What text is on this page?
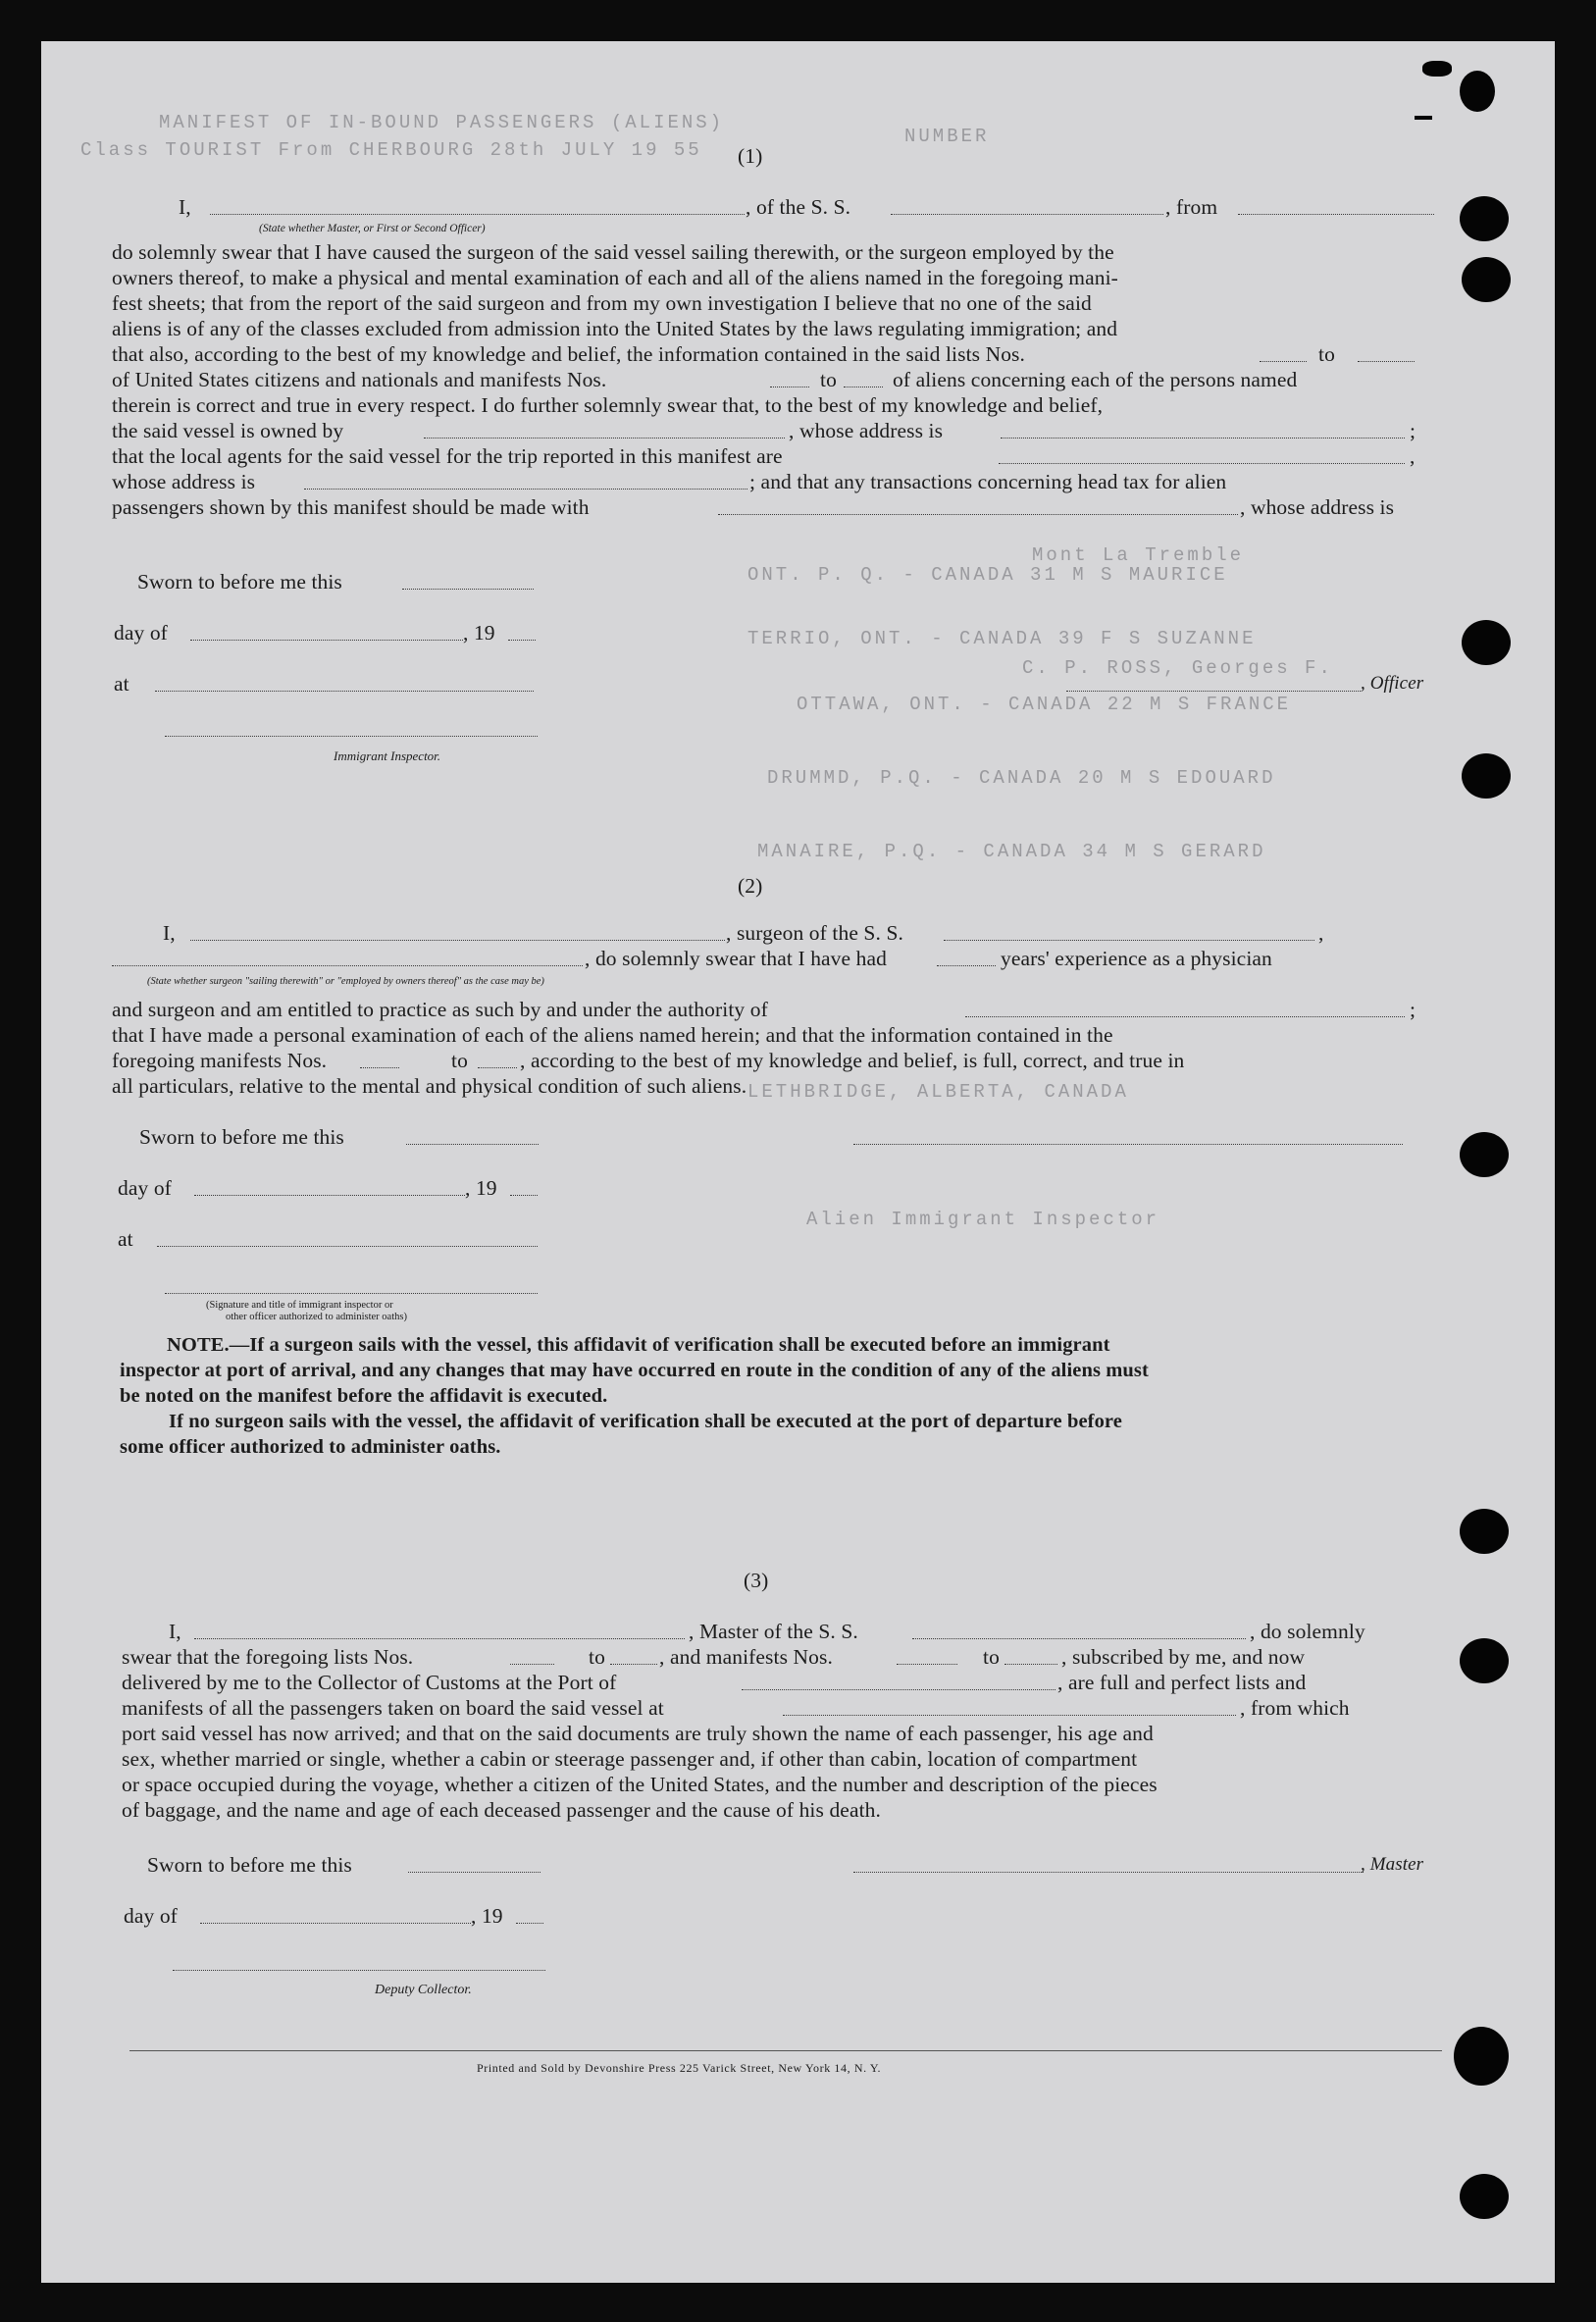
MANIFEST OF IN-BOUND PASSENGERS (ALIENS)
Class TOURIST From CHERBOURG 28th JULY 19 55
NUMBER
Mont La Tremble
ONT. P. Q. - CANADA 31 M S MAURICE
TERRIO, ONT. - CANADA 39 F S SUZANNE
C. P. ROSS, Georges F.
OTTAWA, ONT. - CANADA 22 M S FRANCE
DRUMMD, P.Q. - CANADA 20 M S EDOUARD
MANAIRE, P.Q. - CANADA 34 M S GERARD
LETHBRIDGE, ALBERTA, CANADA
Alien Immigrant Inspector
(1)
I,	, of the S. S.	, from
(State whether Master, or First or Second Officer)
do solemnly swear that I have caused the surgeon of the said vessel sailing therewith, or the surgeon employed by the
owners thereof, to make a physical and mental examination of each and all of the aliens named in the foregoing mani-
fest sheets; that from the report of the said surgeon and from my own investigation I believe that no one of the said
aliens is of any of the classes excluded from admission into the United States by the laws regulating immigration; and
that also, according to the best of my knowledge and belief, the information contained in the said lists Nos.	to
of United States citizens and nationals and manifests Nos.	to	of aliens concerning each of the persons named
therein is correct and true in every respect. I do further solemnly swear that, to the best of my knowledge and belief,
the said vessel is owned by	, whose address is	;
that the local agents for the said vessel for the trip reported in this manifest are	,
whose address is	; and that any transactions concerning head tax for alien
passengers shown by this manifest should be made with	, whose address is
Sworn to before me this
day of	, 19
at	, Officer
Immigrant Inspector.
(2)
I,	, surgeon of the S. S.	,
, do solemnly swear that I have had	years' experience as a physician
(State whether surgeon "sailing therewith" or "employed by owners thereof" as the case may be)
and surgeon and am entitled to practice as such by and under the authority of	;
that I have made a personal examination of each of the aliens named herein; and that the information contained in the
foregoing manifests Nos.	to , according to the best of my knowledge and belief, is full, correct, and true in
all particulars, relative to the mental and physical condition of such aliens.
Sworn to before me this
day of	, 19
at
(Signature and title of immigrant inspector or
other officer authorized to administer oaths)
NOTE.—If a surgeon sails with the vessel, this affidavit of verification shall be executed before an immigrant
inspector at port of arrival, and any changes that may have occurred en route in the condition of any of the aliens must
be noted on the manifest before the affidavit is executed.
If no surgeon sails with the vessel, the affidavit of verification shall be executed at the port of departure before
some officer authorized to administer oaths.
(3)
I,	, Master of the S. S.	, do solemnly
swear that the foregoing lists Nos.	to	, and manifests Nos.	to	, subscribed by me, and now
delivered by me to the Collector of Customs at the Port of	, are full and perfect lists and
manifests of all the passengers taken on board the said vessel at	, from which
port said vessel has now arrived; and that on the said documents are truly shown the name of each passenger, his age and
sex, whether married or single, whether a cabin or steerage passenger and, if other than cabin, location of compartment
or space occupied during the voyage, whether a citizen of the United States, and the number and description of the pieces
of baggage, and the name and age of each deceased passenger and the cause of his death.
Sworn to before me this	, Master
day of	, 19
Deputy Collector.
Printed and Sold by Devonshire Press 225 Varick Street, New York 14, N. Y.
